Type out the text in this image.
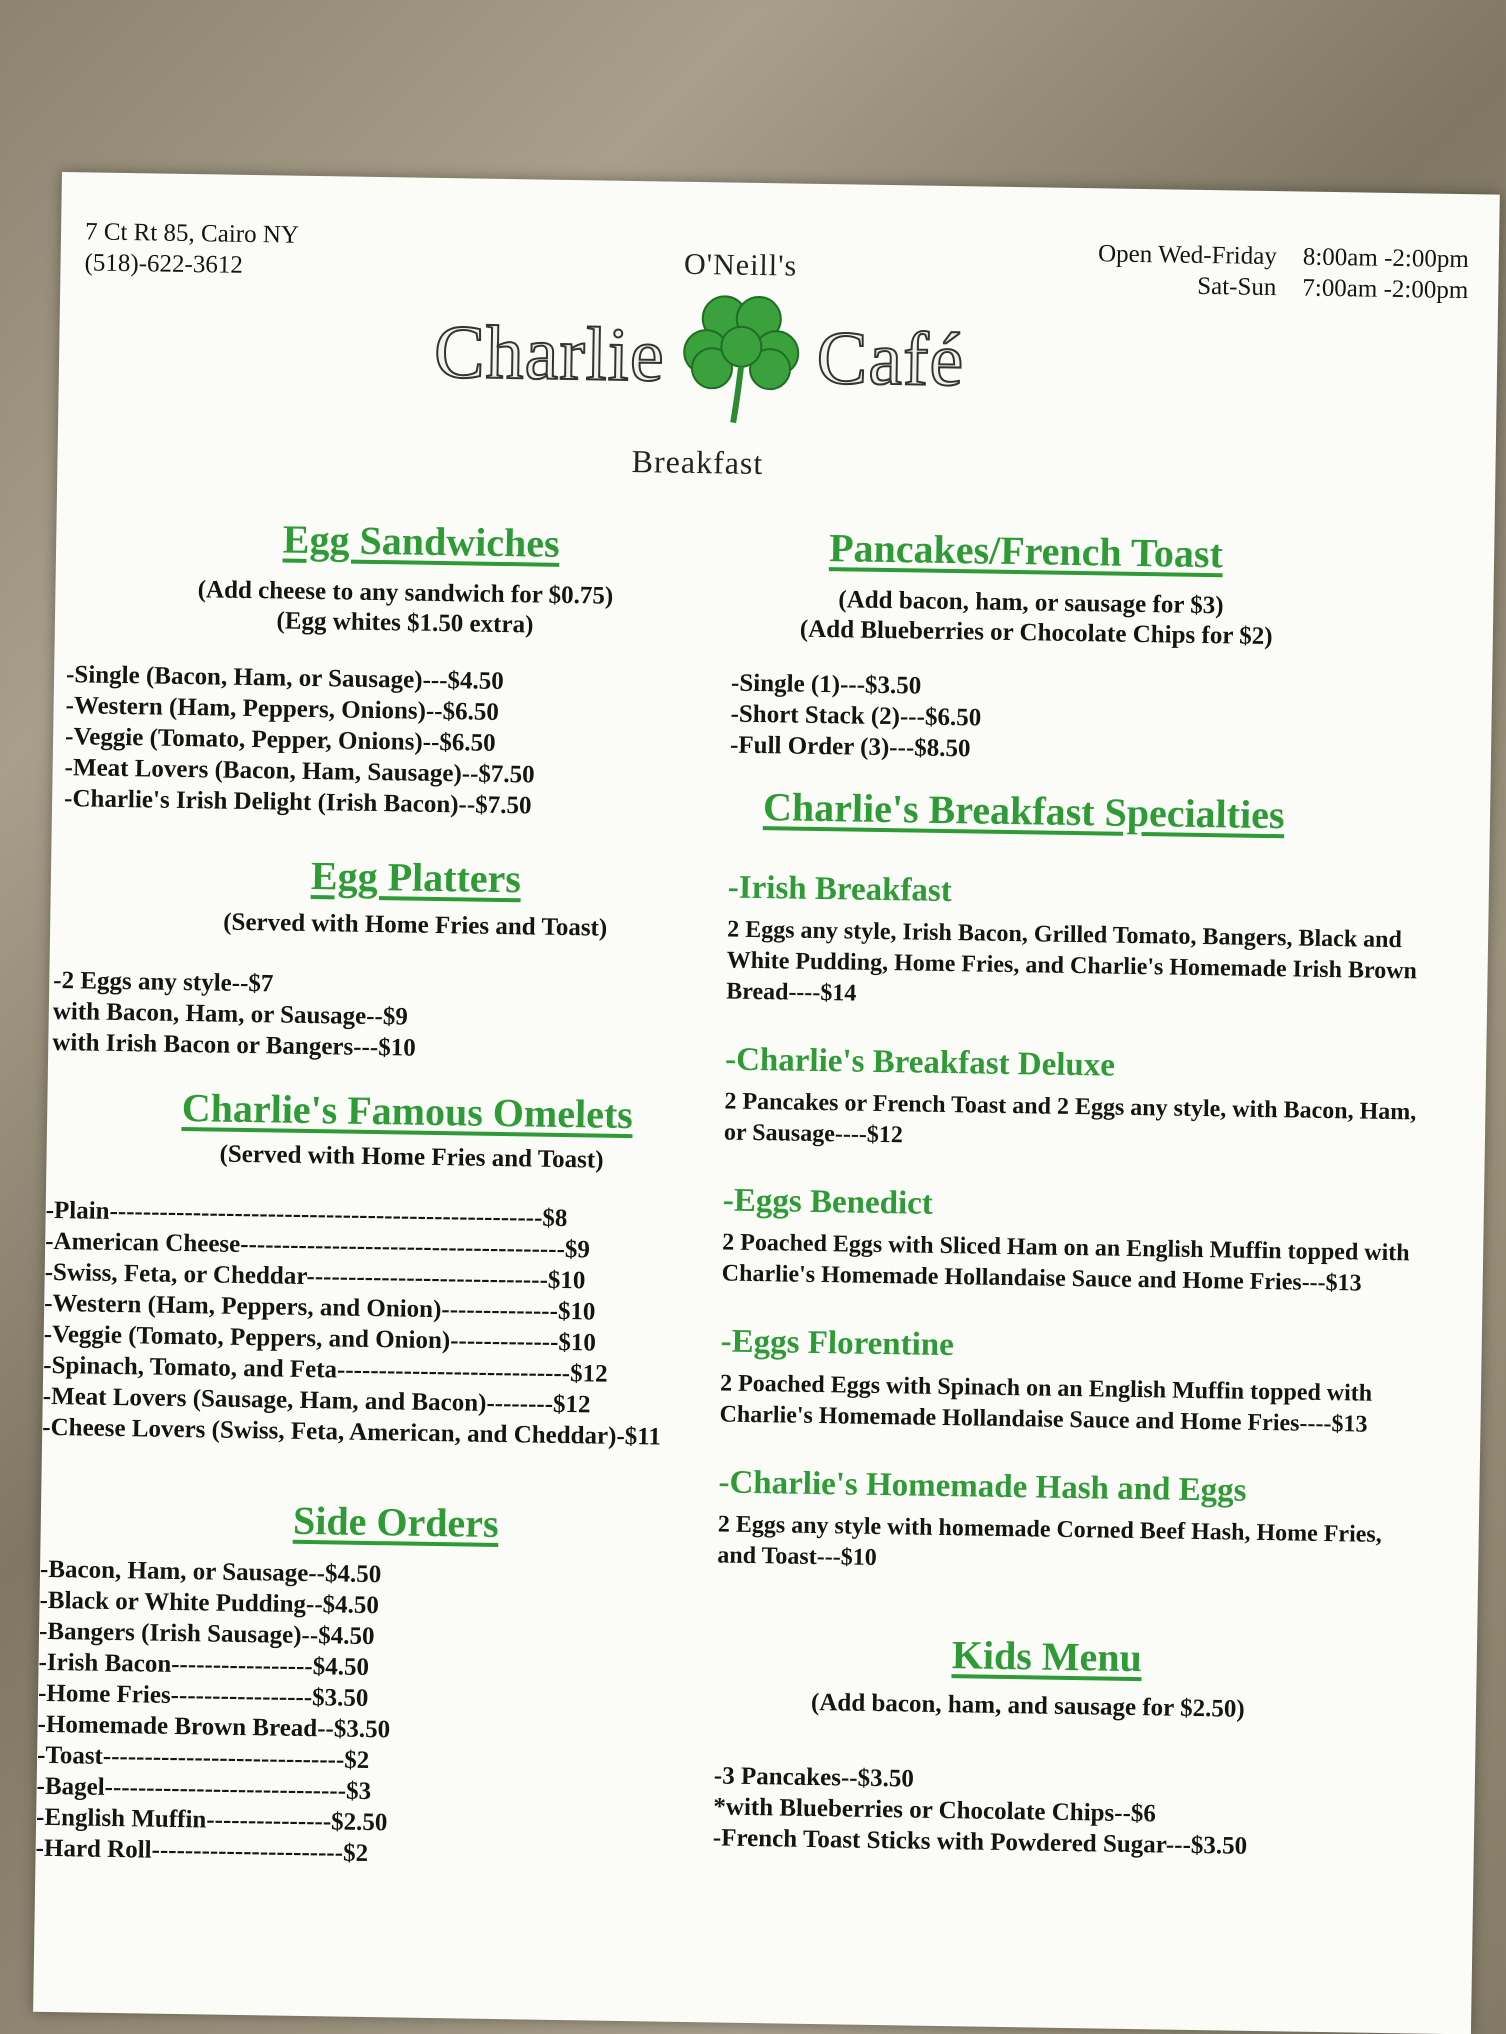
7 Ct Rt 85, Cairo NY
(518)-622-3612	Open Wed-Friday	8:00am -2:00pm
Sat-Sun	7:00am -2:00pm
O'Neill's
Charlie Café
Breakfast
Egg Sandwiches
(Add cheese to any sandwich for $0.75)
(Egg whites $1.50 extra)
-Single (Bacon, Ham, or Sausage)---$4.50
-Western (Ham, Peppers, Onions)--$6.50
-Veggie (Tomato, Pepper, Onions)--$6.50
-Meat Lovers (Bacon, Ham, Sausage)--$7.50
-Charlie's Irish Delight (Irish Bacon)--$7.50
Egg Platters
(Served with Home Fries and Toast)
-2 Eggs any style--$7
with Bacon, Ham, or Sausage--$9
with Irish Bacon or Bangers---$10
Charlie's Famous Omelets
(Served with Home Fries and Toast)
-Plain----------------------------------------------------$8
-American Cheese---------------------------------------$9
-Swiss, Feta, or Cheddar-----------------------------$10
-Western (Ham, Peppers, and Onion)--------------$10
-Veggie (Tomato, Peppers, and Onion)-------------$10
-Spinach, Tomato, and Feta----------------------------$12
-Meat Lovers (Sausage, Ham, and Bacon)--------$12
-Cheese Lovers (Swiss, Feta, American, and Cheddar)-$11
Side Orders
-Bacon, Ham, or Sausage--$4.50
-Black or White Pudding--$4.50
-Bangers (Irish Sausage)--$4.50
-Irish Bacon-----------------$4.50
-Home Fries-----------------$3.50
-Homemade Brown Bread--$3.50
-Toast-----------------------------$2
-Bagel-----------------------------$3
-English Muffin---------------$2.50
-Hard Roll-----------------------$2
Pancakes/French Toast
(Add bacon, ham, or sausage for $3)
(Add Blueberries or Chocolate Chips for $2)
-Single (1)---$3.50
-Short Stack (2)---$6.50
-Full Order (3)---$8.50
Charlie's Breakfast Specialties
-Irish Breakfast
2 Eggs any style, Irish Bacon, Grilled Tomato, Bangers, Black and White Pudding, Home Fries, and Charlie's Homemade Irish Brown Bread----$14
-Charlie's Breakfast Deluxe
2 Pancakes or French Toast and 2 Eggs any style, with Bacon, Ham, or Sausage----$12
-Eggs Benedict
2 Poached Eggs with Sliced Ham on an English Muffin topped with Charlie's Homemade Hollandaise Sauce and Home Fries---$13
-Eggs Florentine
2 Poached Eggs with Spinach on an English Muffin topped with Charlie's Homemade Hollandaise Sauce and Home Fries----$13
-Charlie's Homemade Hash and Eggs
2 Eggs any style with homemade Corned Beef Hash, Home Fries, and Toast---$10
Kids Menu
(Add bacon, ham, and sausage for $2.50)
-3 Pancakes--$3.50
*with Blueberries or Chocolate Chips--$6
-French Toast Sticks with Powdered Sugar---$3.50
